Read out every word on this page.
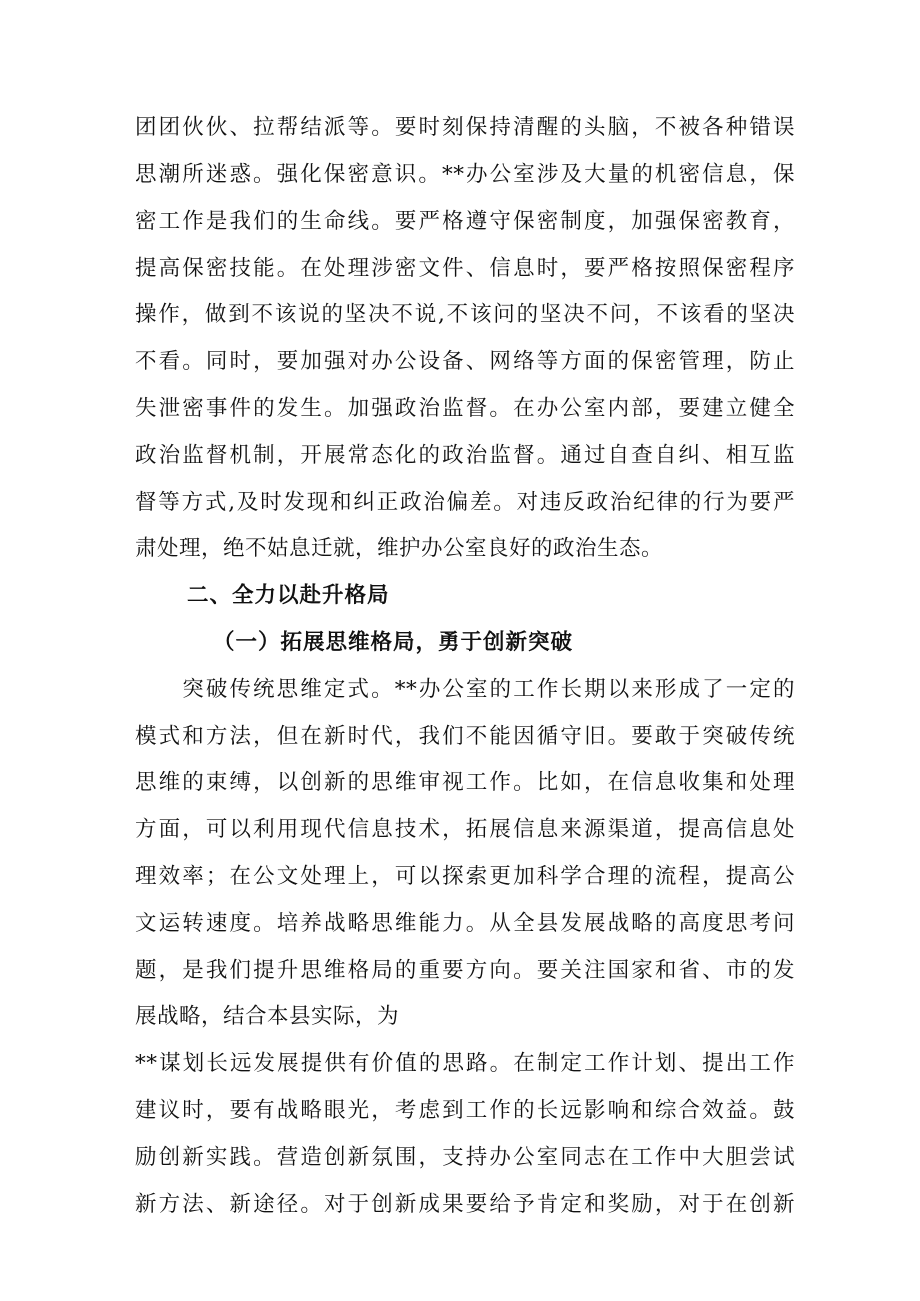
团团伙伙、拉帮结派等。要时刻保持清醒的头脑，不被各种错误
思潮所迷惑。强化保密意识。**办公室涉及大量的机密信息，保
密工作是我们的生命线。要严格遵守保密制度，加强保密教育，
提高保密技能。在处理涉密文件、信息时，要严格按照保密程序
操作，做到不该说的坚决不说,不该问的坚决不问，不该看的坚决
不看。同时，要加强对办公设备、网络等方面的保密管理，防止
失泄密事件的发生。加强政治监督。在办公室内部，要建立健全
政治监督机制，开展常态化的政治监督。通过自查自纠、相互监
督等方式,及时发现和纠正政治偏差。对违反政治纪律的行为要严
肃处理，绝不姑息迁就，维护办公室良好的政治生态。
二、全力以赴升格局
（一）拓展思维格局，勇于创新突破
　　突破传统思维定式。**办公室的工作长期以来形成了一定的
模式和方法，但在新时代，我们不能因循守旧。要敢于突破传统
思维的束缚，以创新的思维审视工作。比如，在信息收集和处理
方面，可以利用现代信息技术，拓展信息来源渠道，提高信息处
理效率；在公文处理上，可以探索更加科学合理的流程，提高公
文运转速度。培养战略思维能力。从全县发展战略的高度思考问
题，是我们提升思维格局的重要方向。要关注国家和省、市的发
展战略，结合本县实际，为
**谋划长远发展提供有价值的思路。在制定工作计划、提出工作
建议时，要有战略眼光，考虑到工作的长远影响和综合效益。鼓
励创新实践。营造创新氛围，支持办公室同志在工作中大胆尝试
新方法、新途径。对于创新成果要给予肯定和奖励，对于在创新
